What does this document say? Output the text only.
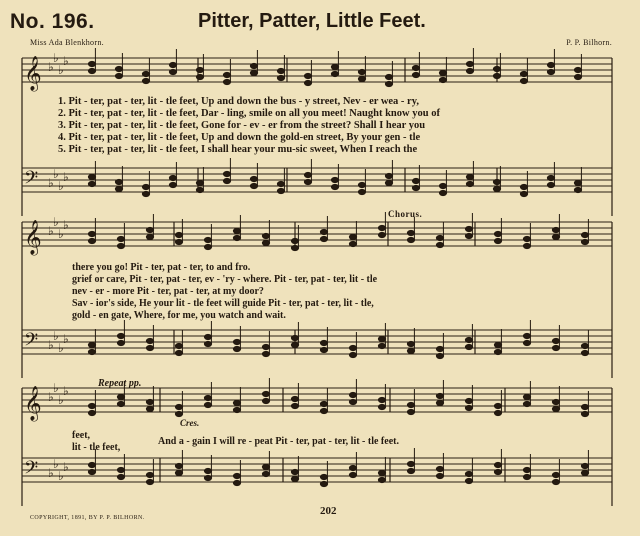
No. 196.	Pitter, Patter, Little Feet.
Miss Ada Blenkhorn.	P. P. Bilhorn.
𝄞 ♭
♭
♭
♭
𝄢 ♭
♭
♭
♭
𝄞 ♭
♭
♭
♭
𝄢 ♭
♭
♭
♭
𝄞 ♭
♭
♭
♭
𝄢 ♭
♭
♭
♭
1. Pit - ter, pat - ter, lit - tle feet, Up and down the bus - y street, Nev - er wea - ry,
2. Pit - ter, pat - ter, lit - tle feet, Dar - ling, smile on all you meet! Naught know you of
3. Pit - ter, pat - ter, lit - tle feet, Gone for - ev - er from the street? Shall I hear you
4. Pit - ter, pat - ter, lit - tle feet, Up and down the gold-en street, By your gen - tle
5. Pit - ter, pat - ter, lit - tle feet, I shall hear your mu-sic sweet, When I reach the
Chorus.
there you go! Pit - ter, pat - ter, to and fro.
grief or care, Pit - ter, pat - ter, ev - 'ry - where. Pit - ter, pat - ter, lit - tle
nev - er - more Pit - ter, pat - ter, at my door?
Sav - ior's side, He your lit - tle feet will guide Pit - ter, pat - ter, lit - tle,
gold - en gate, Where, for me, you watch and wait.
Repeat pp.
Cres.
feet,
lit - tle feet,
And a - gain I will re - peat Pit - ter, pat - ter, lit - tle feet.
COPYRIGHT, 1891, BY P. P. BILHORN.
202
